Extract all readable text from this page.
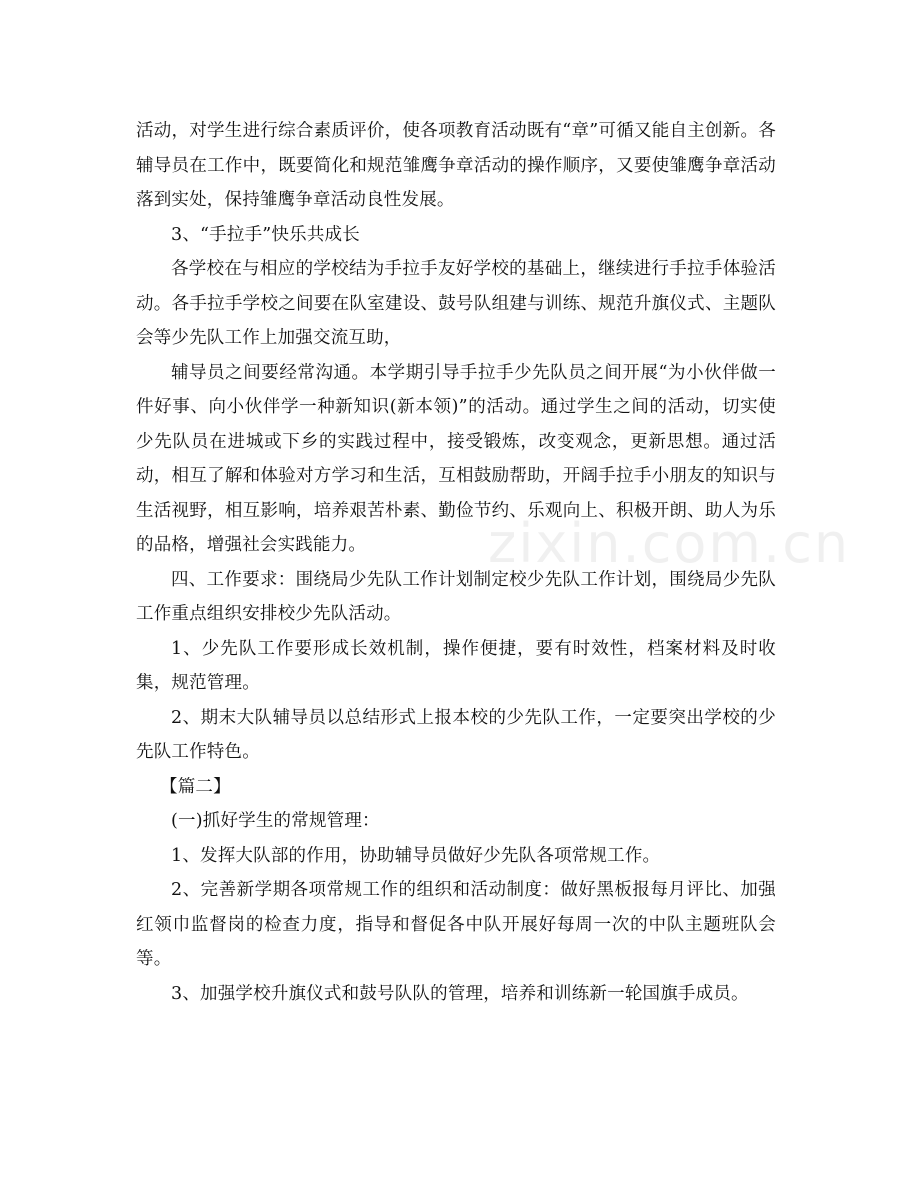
活动，对学生进行综合素质评价，使各项教育活动既有“章”可循又能自主创新。各辅导员在工作中，既要简化和规范雏鹰争章活动的操作顺序，又要使雏鹰争章活动落到实处，保持雏鹰争章活动良性发展。

3、“手拉手”快乐共成长

各学校在与相应的学校结为手拉手友好学校的基础上，继续进行手拉手体验活动。各手拉手学校之间要在队室建设、鼓号队组建与训练、规范升旗仪式、主题队会等少先队工作上加强交流互助，

辅导员之间要经常沟通。本学期引导手拉手少先队员之间开展“为小伙伴做一件好事、向小伙伴学一种新知识(新本领)”的活动。通过学生之间的活动，切实使少先队员在进城或下乡的实践过程中，接受锻炼，改变观念，更新思想。通过活动，相互了解和体验对方学习和生活，互相鼓励帮助，开阔手拉手小朋友的知识与生活视野，相互影响，培养艰苦朴素、勤俭节约、乐观向上、积极开朗、助人为乐的品格，增强社会实践能力。

四、工作要求：围绕局少先队工作计划制定校少先队工作计划，围绕局少先队工作重点组织安排校少先队活动。

1、少先队工作要形成长效机制，操作便捷，要有时效性，档案材料及时收集，规范管理。

2、期末大队辅导员以总结形式上报本校的少先队工作，一定要突出学校的少先队工作特色。

【篇二】

(一)抓好学生的常规管理：

1、发挥大队部的作用，协助辅导员做好少先队各项常规工作。

2、完善新学期各项常规工作的组织和活动制度：做好黑板报每月评比、加强红领巾监督岗的检查力度，指导和督促各中队开展好每周一次的中队主题班队会等。

3、加强学校升旗仪式和鼓号队队的管理，培养和训练新一轮国旗手成员。

zixin.com.cn
